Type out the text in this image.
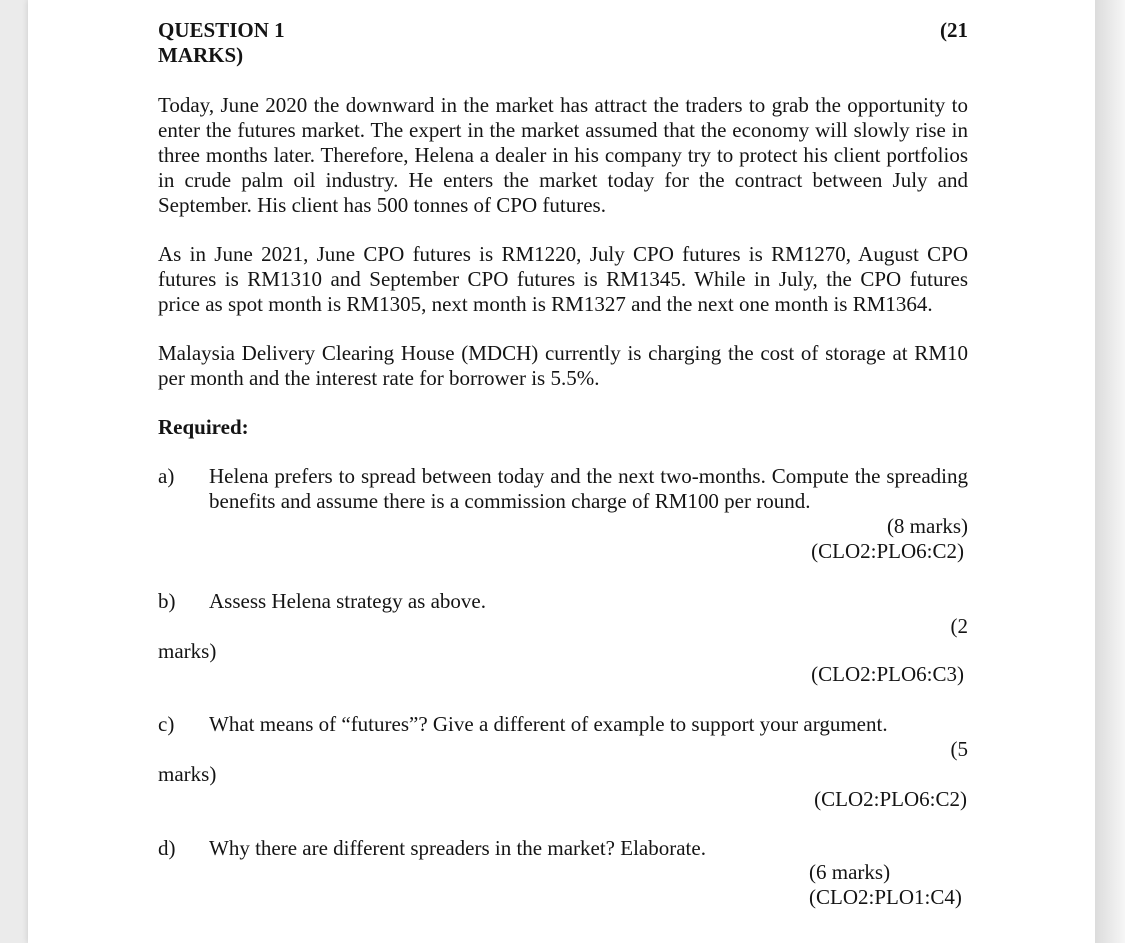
QUESTION 1	(21
MARKS)
Today, June 2020 the downward in the market has attract the traders to grab the opportunity to enter the futures market. The expert in the market assumed that the economy will slowly rise in three months later. Therefore, Helena a dealer in his company try to protect his client portfolios in crude palm oil industry. He enters the market today for the contract between July and September. His client has 500 tonnes of CPO futures.
As in June 2021, June CPO futures is RM1220, July CPO futures is RM1270, August CPO futures is RM1310 and September CPO futures is RM1345. While in July, the CPO futures price as spot month is RM1305, next month is RM1327 and the next one month is RM1364.
Malaysia Delivery Clearing House (MDCH) currently is charging the cost of storage at RM10 per month and the interest rate for borrower is 5.5%.
Required:
a) Helena prefers to spread between today and the next two-months. Compute the spreading benefits and assume there is a commission charge of RM100 per round.
(8 marks)
(CLO2:PLO6:C2)
b) Assess Helena strategy as above.
(2
marks)
(CLO2:PLO6:C3)
c) What means of “futures”? Give a different of example to support your argument.
(5
marks)
(CLO2:PLO6:C2)
d) Why there are different spreaders in the market? Elaborate.
(6 marks)
(CLO2:PLO1:C4)
